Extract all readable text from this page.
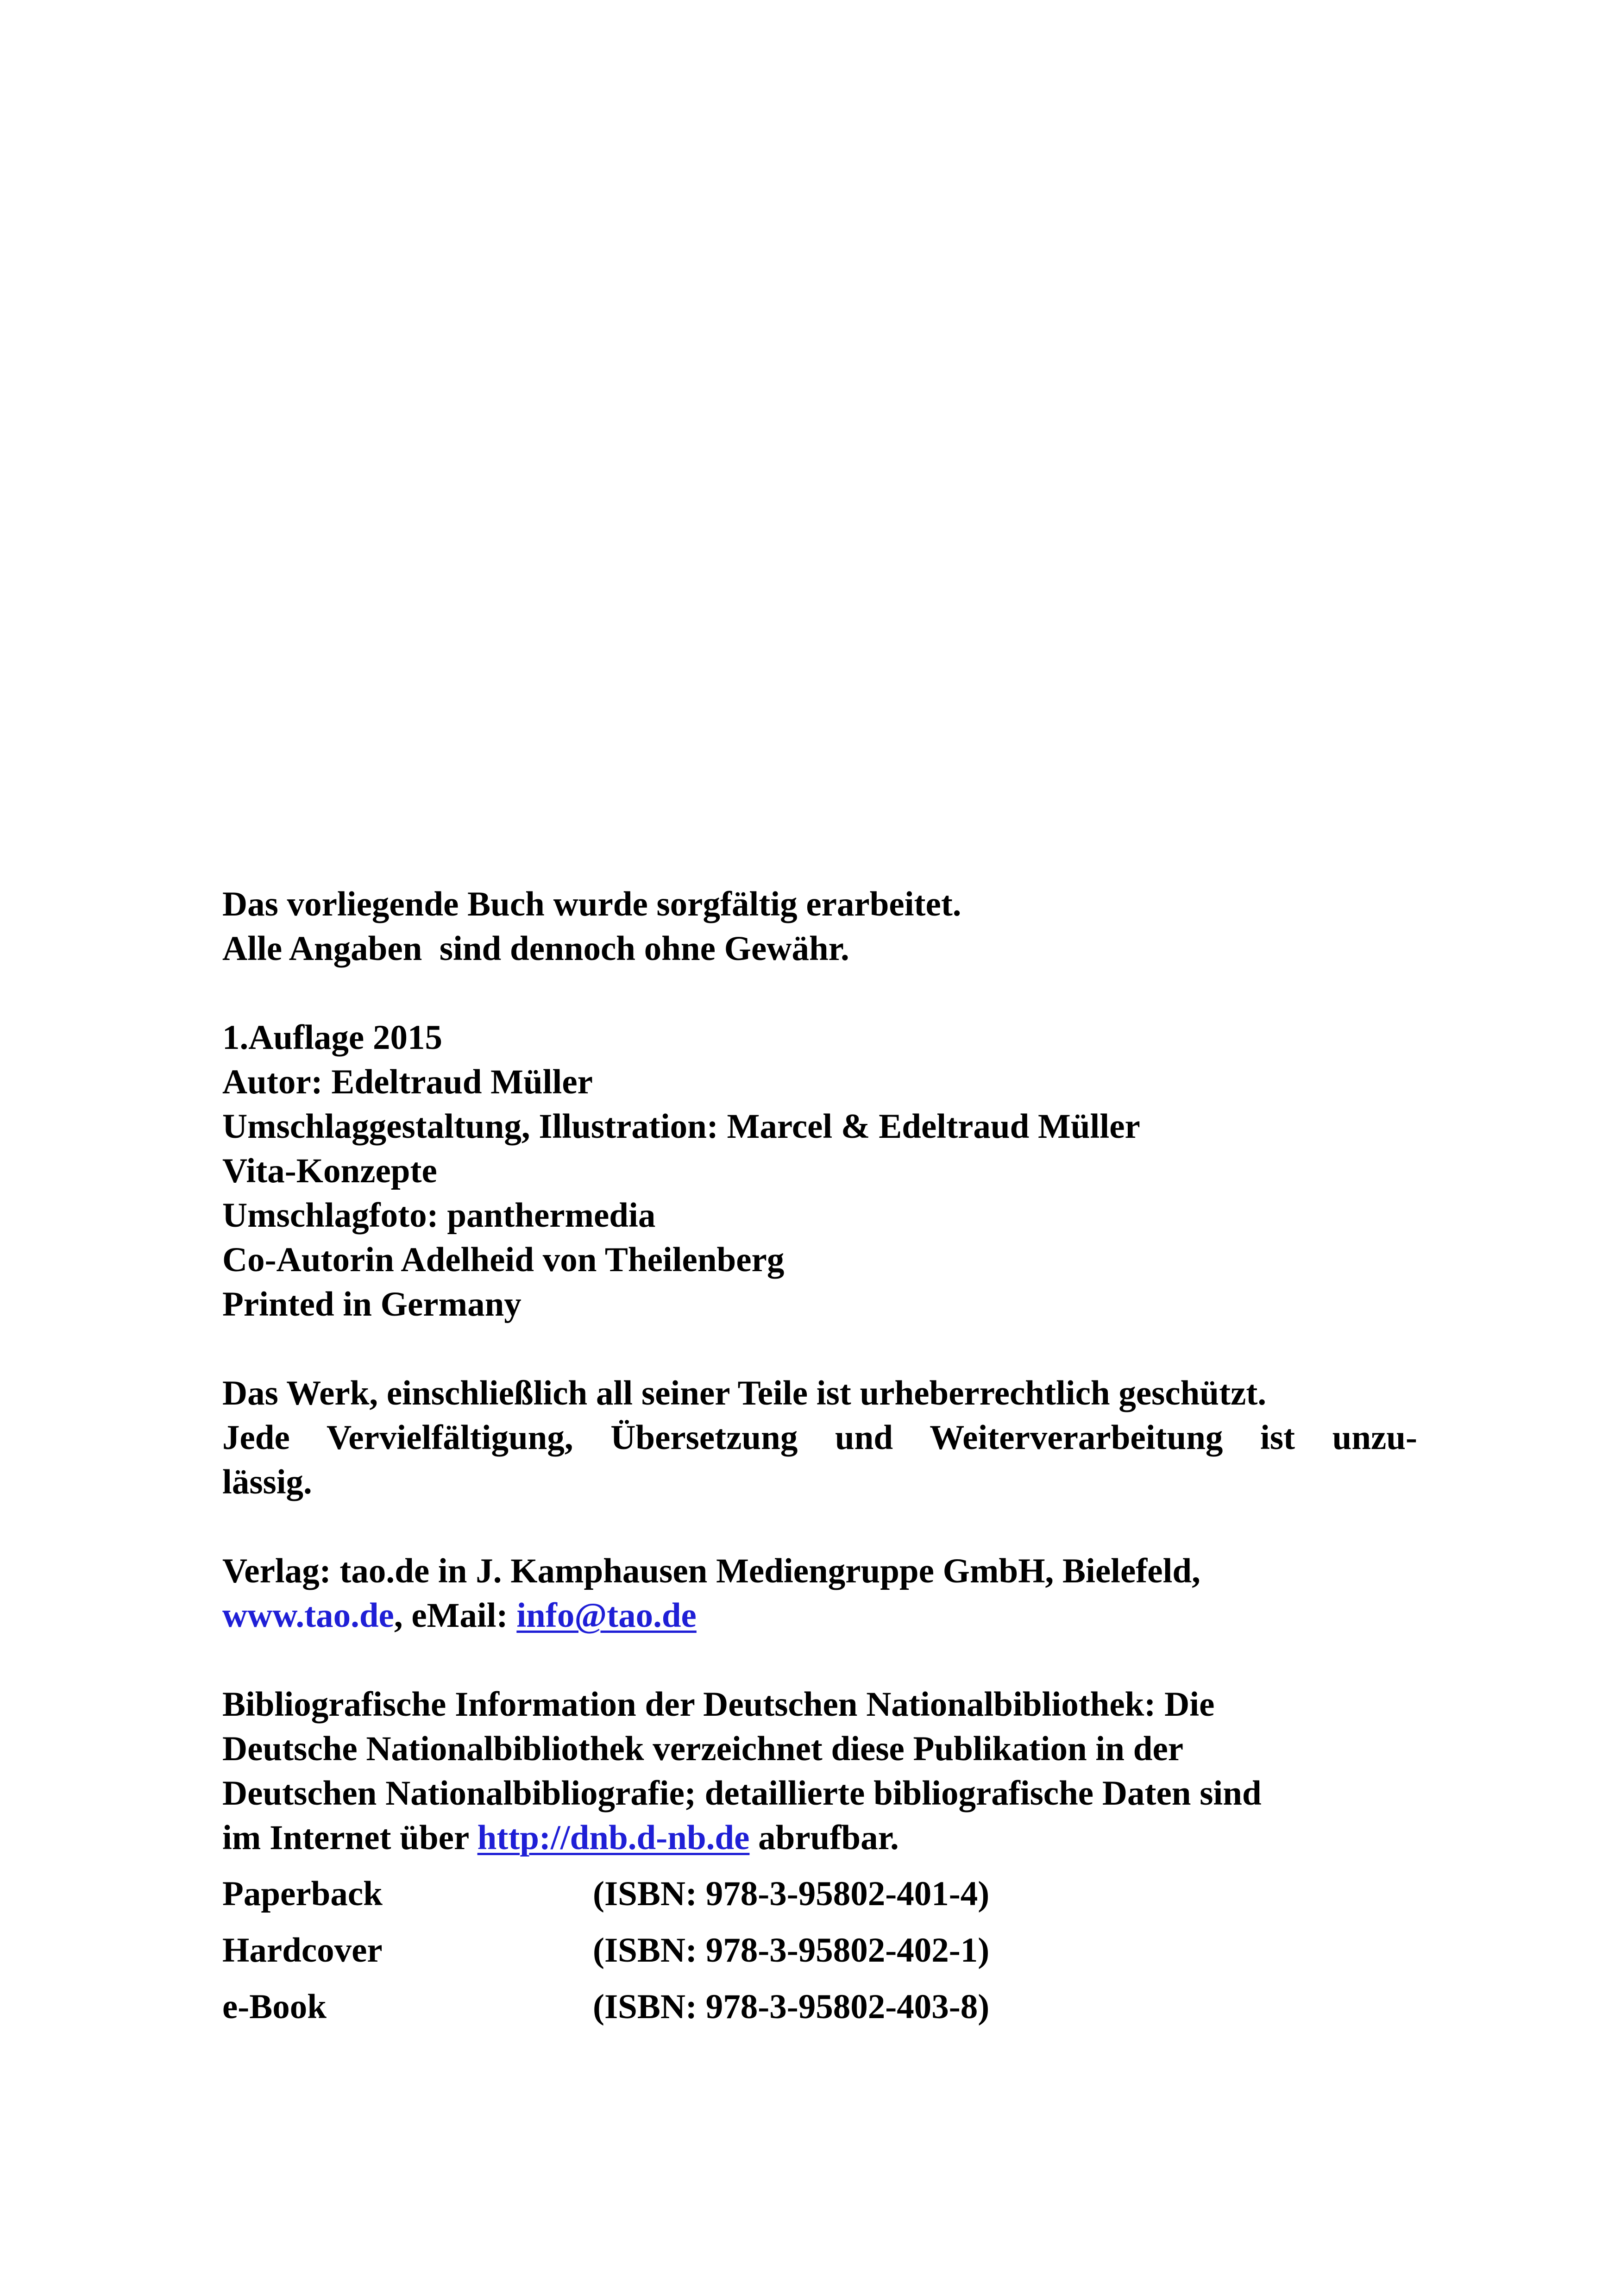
Das vorliegende Buch wurde sorgfältig erarbeitet.

Alle Angaben  sind dennoch ohne Gewähr.

1.Auflage 2015

Autor: Edeltraud Müller

Umschlaggestaltung, Illustration: Marcel & Edeltraud Müller

Vita-Konzepte

Umschlagfoto: panthermedia

Co-Autorin Adelheid von Theilenberg

Printed in Germany

Das Werk, einschließlich all seiner Teile ist urheberrechtlich geschützt.

Jede Vervielfältigung, Übersetzung und Weiterverarbeitung ist unzu-

lässig.

Verlag: tao.de in J. Kamphausen Mediengruppe GmbH, Bielefeld,

www.tao.de, eMail: info@tao.de

Bibliografische Information der Deutschen Nationalbibliothek: Die

Deutsche Nationalbibliothek verzeichnet diese Publikation in der

Deutschen Nationalbibliografie; detaillierte bibliografische Daten sind

im Internet über http://dnb.d-nb.de abrufbar.

Paperback	(ISBN: 978-3-95802-401-4)
Hardcover	(ISBN: 978-3-95802-402-1)
e-Book	(ISBN: 978-3-95802-403-8)
